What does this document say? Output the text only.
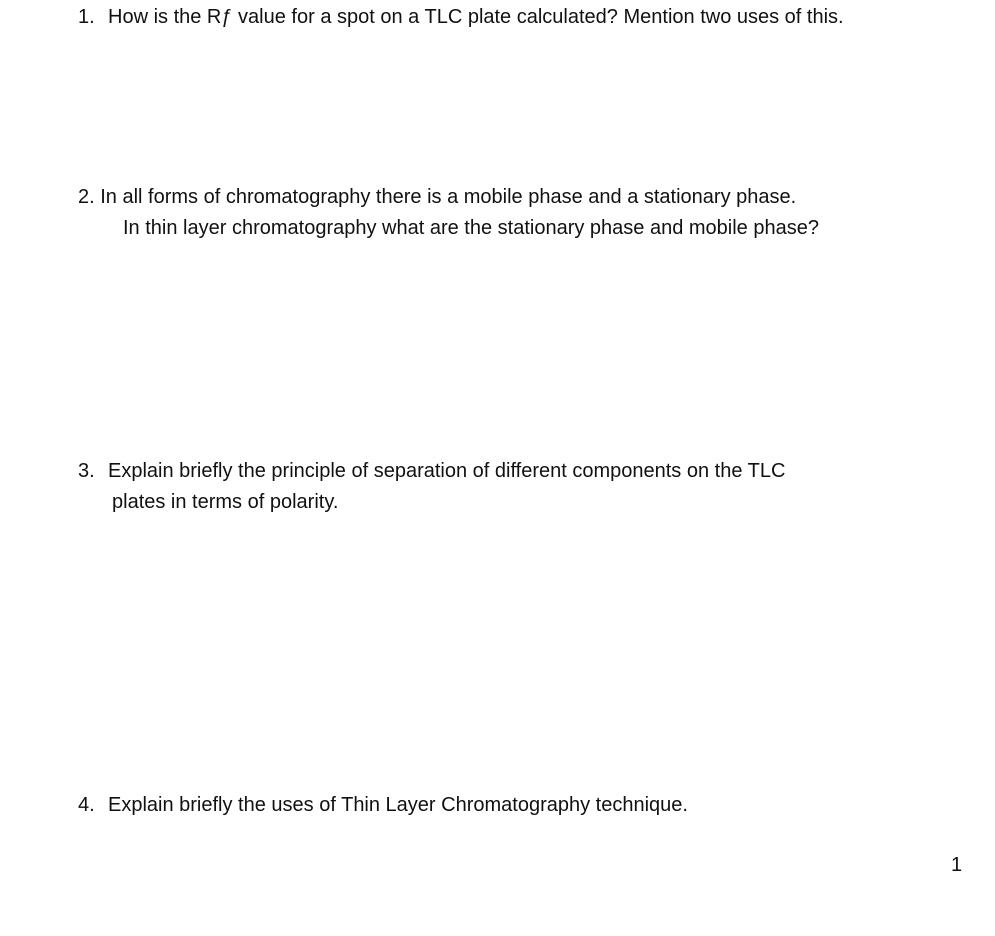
1. How is the Rƒ value for a spot on a TLC plate calculated? Mention two uses of this.
2. In all forms of chromatography there is a mobile phase and a stationary phase.
In thin layer chromatography what are the stationary phase and mobile phase?
3. Explain briefly the principle of separation of different components on the TLC
plates in terms of polarity.
4. Explain briefly the uses of Thin Layer Chromatography technique.
1
